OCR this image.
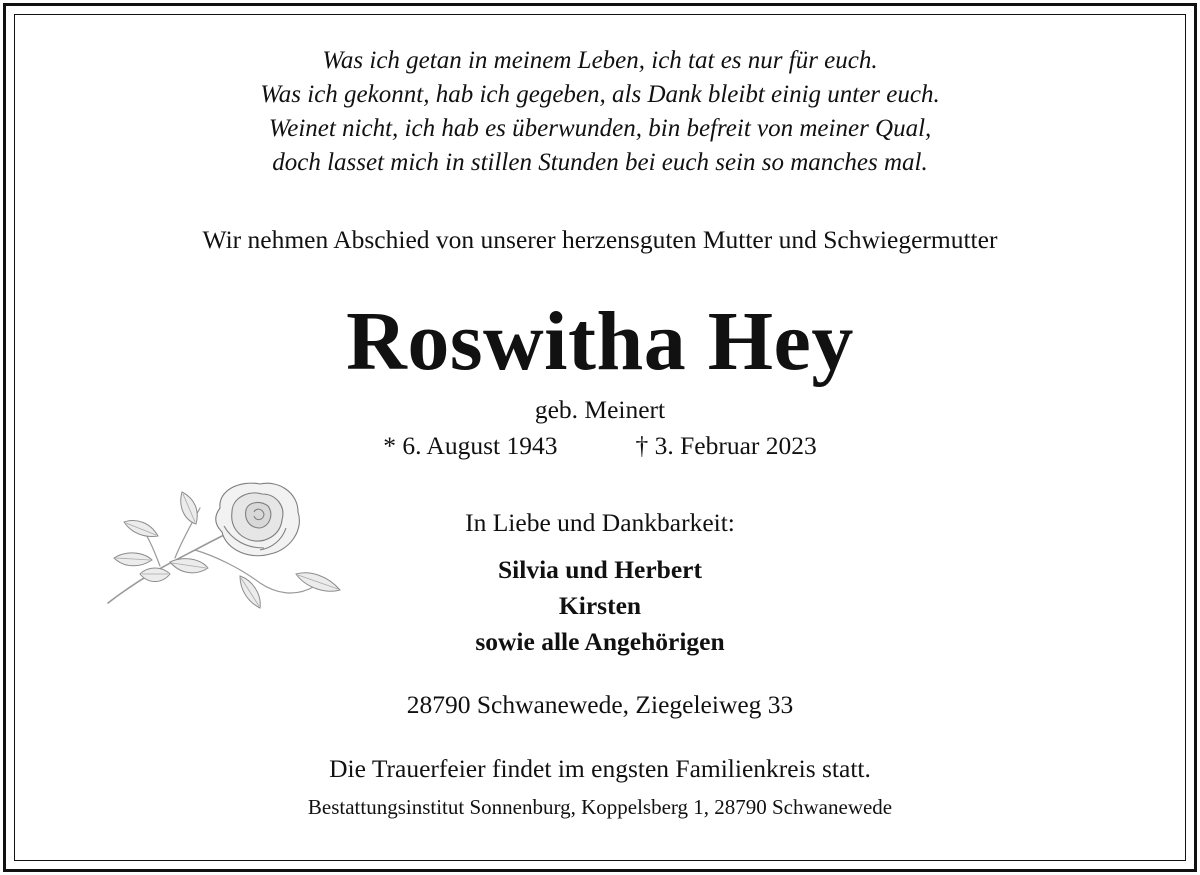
Was ich getan in meinem Leben, ich tat es nur für euch.
Was ich gekonnt, hab ich gegeben, als Dank bleibt einig unter euch.
Weinet nicht, ich hab es überwunden, bin befreit von meiner Qual,
doch lasset mich in stillen Stunden bei euch sein so manches mal.
Wir nehmen Abschied von unserer herzensguten Mutter und Schwiegermutter
Roswitha Hey
geb. Meinert
* 6. August 1943	† 3. Februar 2023
In Liebe und Dankbarkeit:
Silvia und Herbert
Kirsten
sowie alle Angehörigen
28790 Schwanewede, Ziegeleiweg 33
Die Trauerfeier findet im engsten Familienkreis statt.
Bestattungsinstitut Sonnenburg, Koppelsberg 1, 28790 Schwanewede
